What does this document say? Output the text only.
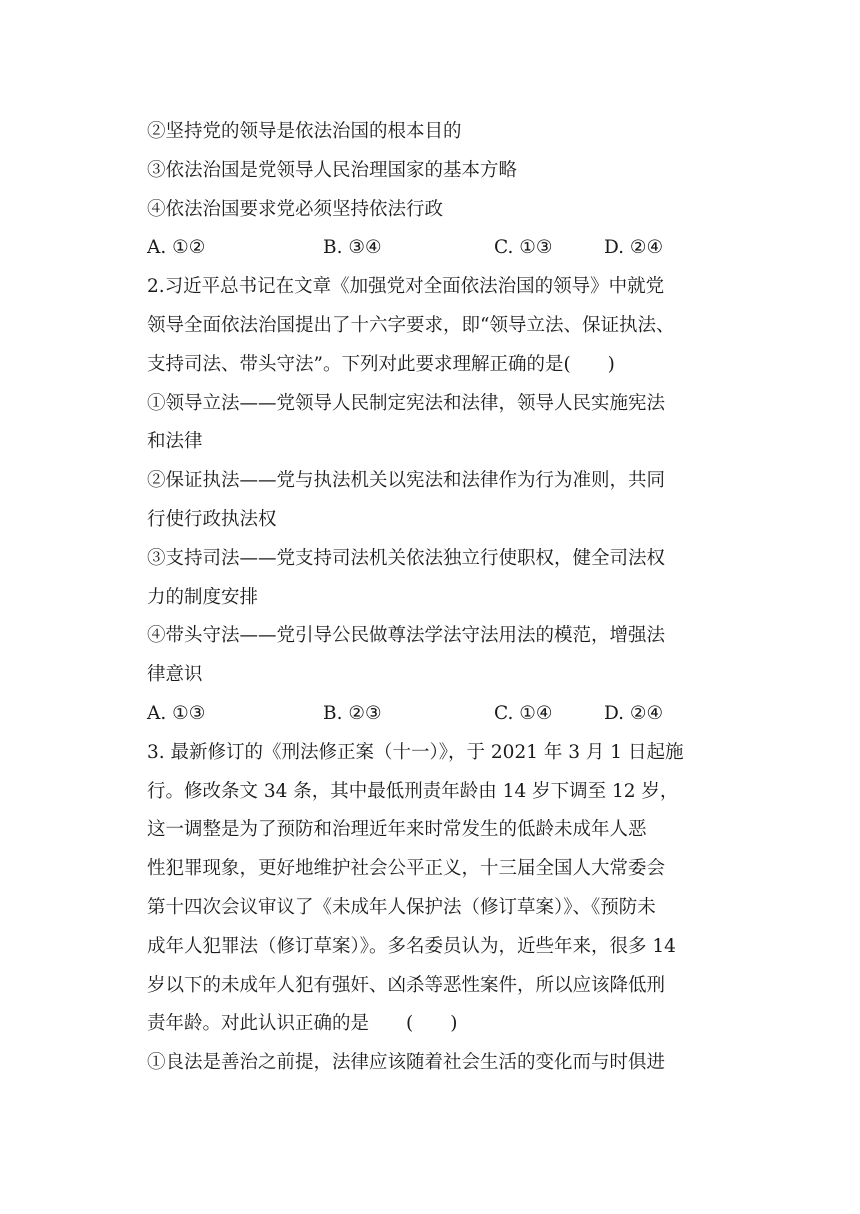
②坚持党的领导是依法治国的根本目的
③依法治国是党领导人民治理国家的基本方略
④依法治国要求党必须坚持依法行政
A. ①②	B. ③④	C. ①③	D. ②④
2.习近平总书记在文章《加强党对全面依法治国的领导》中就党
领导全面依法治国提出了十六字要求，即“领导立法、保证执法、
支持司法、带头守法”。下列对此要求理解正确的是(　　)
①领导立法——党领导人民制定宪法和法律，领导人民实施宪法
和法律
②保证执法——党与执法机关以宪法和法律作为行为准则，共同
行使行政执法权
③支持司法——党支持司法机关依法独立行使职权，健全司法权
力的制度安排
④带头守法——党引导公民做尊法学法守法用法的模范，增强法
律意识
A. ①③	B. ②③	C. ①④	D. ②④
3. 最新修订的《刑法修正案（十一）》，于 2021 年 3 月 1 日起施
行。修改条文 34 条，其中最低刑责年龄由 14 岁下调至 12 岁，
这一调整是为了预防和治理近年来时常发生的低龄未成年人恶
性犯罪现象，更好地维护社会公平正义，十三届全国人大常委会
第十四次会议审议了《未成年人保护法（修订草案）》、《预防未
成年人犯罪法（修订草案）》。多名委员认为，近些年来，很多 14
岁以下的未成年人犯有强奸、凶杀等恶性案件，所以应该降低刑
责年龄。对此认识正确的是　　(　　)
①良法是善治之前提，法律应该随着社会生活的变化而与时俱进
